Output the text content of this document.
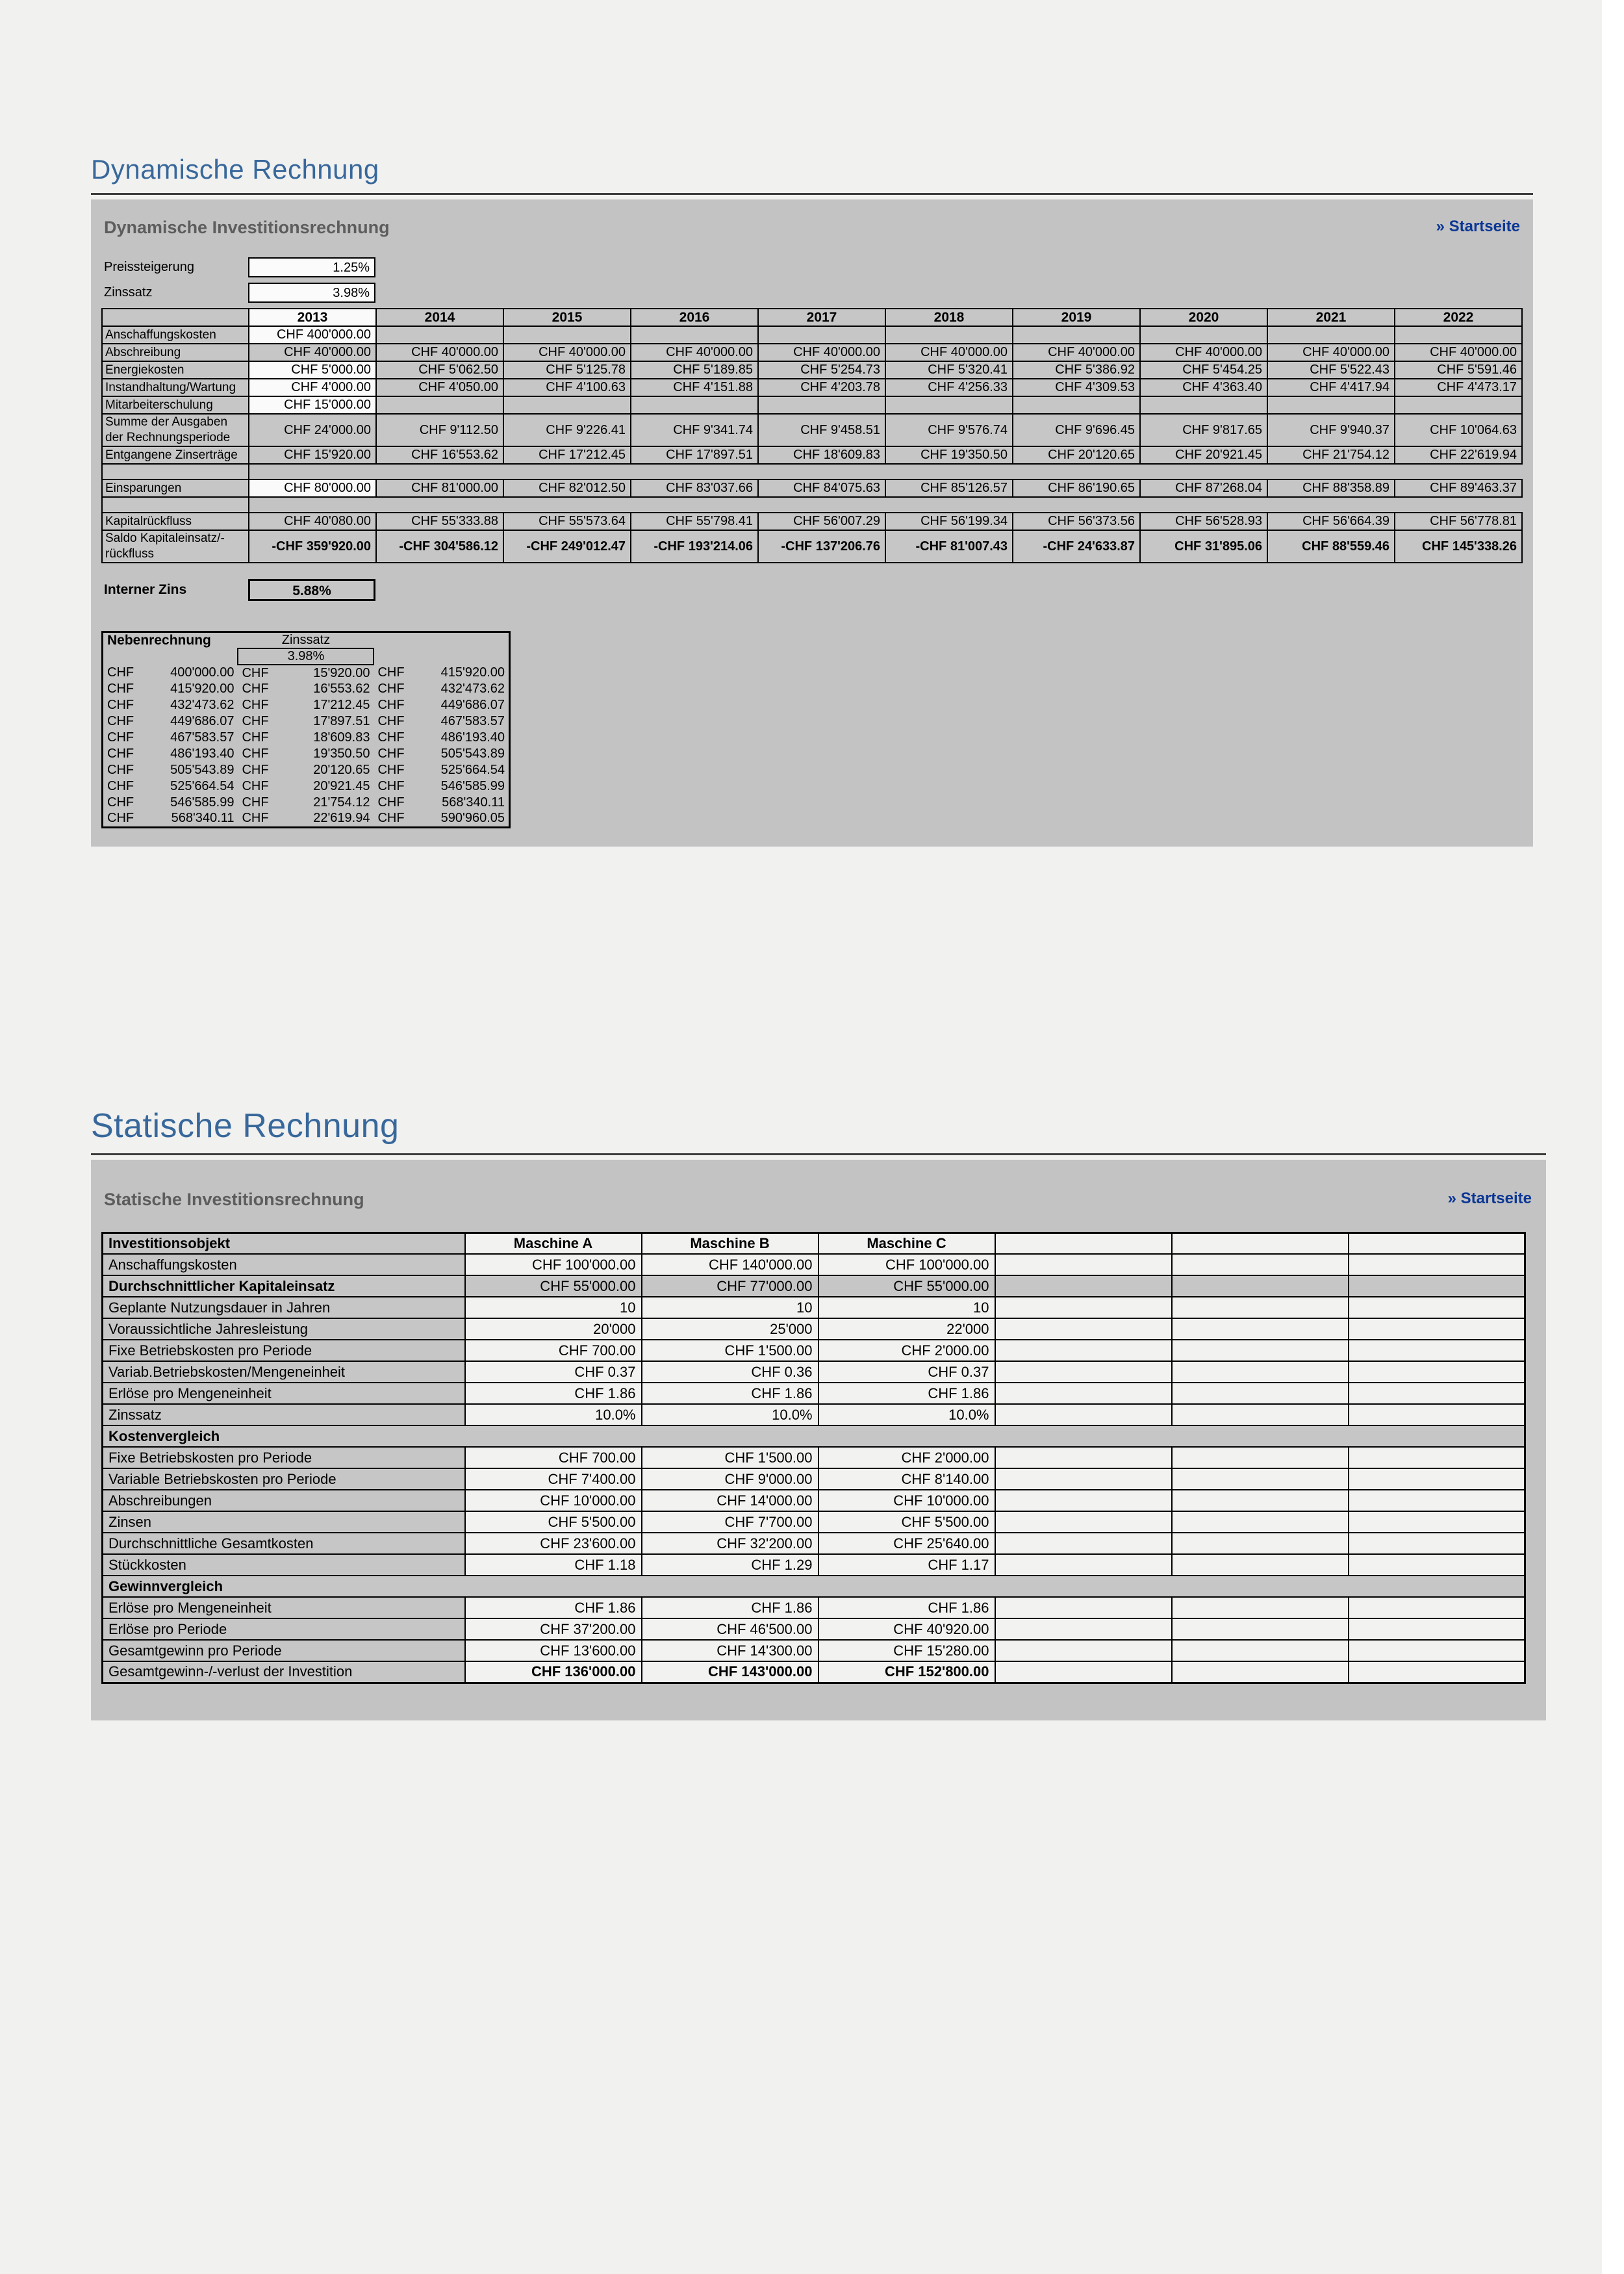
Dynamische Rechnung
Dynamische Investitionsrechnung	» Startseite
Preissteigerung	1.25%
Zinssatz	3.98%
	2013	2014	2015	2016	2017	2018	2019	2020	2021	2022
Anschaffungskosten	CHF 400'000.00									
Abschreibung	CHF 40'000.00	CHF 40'000.00	CHF 40'000.00	CHF 40'000.00	CHF 40'000.00	CHF 40'000.00	CHF 40'000.00	CHF 40'000.00	CHF 40'000.00	CHF 40'000.00
Energiekosten	CHF 5'000.00	CHF 5'062.50	CHF 5'125.78	CHF 5'189.85	CHF 5'254.73	CHF 5'320.41	CHF 5'386.92	CHF 5'454.25	CHF 5'522.43	CHF 5'591.46
Instandhaltung/Wartung	CHF 4'000.00	CHF 4'050.00	CHF 4'100.63	CHF 4'151.88	CHF 4'203.78	CHF 4'256.33	CHF 4'309.53	CHF 4'363.40	CHF 4'417.94	CHF 4'473.17
Mitarbeiterschulung	CHF 15'000.00									
Summe der Ausgaben der Rechnungsperiode	CHF 24'000.00	CHF 9'112.50	CHF 9'226.41	CHF 9'341.74	CHF 9'458.51	CHF 9'576.74	CHF 9'696.45	CHF 9'817.65	CHF 9'940.37	CHF 10'064.63
Entgangene Zinserträge	CHF 15'920.00	CHF 16'553.62	CHF 17'212.45	CHF 17'897.51	CHF 18'609.83	CHF 19'350.50	CHF 20'120.65	CHF 20'921.45	CHF 21'754.12	CHF 22'619.94

Einsparungen	CHF 80'000.00	CHF 81'000.00	CHF 82'012.50	CHF 83'037.66	CHF 84'075.63	CHF 85'126.57	CHF 86'190.65	CHF 87'268.04	CHF 88'358.89	CHF 89'463.37

Kapitalrückfluss	CHF 40'080.00	CHF 55'333.88	CHF 55'573.64	CHF 55'798.41	CHF 56'007.29	CHF 56'199.34	CHF 56'373.56	CHF 56'528.93	CHF 56'664.39	CHF 56'778.81
Saldo Kapitaleinsatz/-rückfluss	-CHF 359'920.00	-CHF 304'586.12	-CHF 249'012.47	-CHF 193'214.06	-CHF 137'206.76	-CHF 81'007.43	-CHF 24'633.87	CHF 31'895.06	CHF 88'559.46	CHF 145'338.26
Interner Zins	5.88%
Nebenrechnung		Zinssatz			
		3.98%			
CHF	400'000.00	CHF	15'920.00	CHF	415'920.00
CHF	415'920.00	CHF	16'553.62	CHF	432'473.62
CHF	432'473.62	CHF	17'212.45	CHF	449'686.07
CHF	449'686.07	CHF	17'897.51	CHF	467'583.57
CHF	467'583.57	CHF	18'609.83	CHF	486'193.40
CHF	486'193.40	CHF	19'350.50	CHF	505'543.89
CHF	505'543.89	CHF	20'120.65	CHF	525'664.54
CHF	525'664.54	CHF	20'921.45	CHF	546'585.99
CHF	546'585.99	CHF	21'754.12	CHF	568'340.11
CHF	568'340.11	CHF	22'619.94	CHF	590'960.05
Statische Rechnung
Statische Investitionsrechnung	» Startseite
Investitionsobjekt	Maschine A	Maschine B	Maschine C			
Anschaffungskosten	CHF 100'000.00	CHF 140'000.00	CHF 100'000.00			
Durchschnittlicher Kapitaleinsatz	CHF 55'000.00	CHF 77'000.00	CHF 55'000.00			
Geplante Nutzungsdauer in Jahren	10	10	10			
Voraussichtliche Jahresleistung	20'000	25'000	22'000			
Fixe Betriebskosten pro Periode	CHF 700.00	CHF 1'500.00	CHF 2'000.00			
Variab.Betriebskosten/Mengeneinheit	CHF 0.37	CHF 0.36	CHF 0.37			
Erlöse pro Mengeneinheit	CHF 1.86	CHF 1.86	CHF 1.86			
Zinssatz	10.0%	10.0%	10.0%			
Kostenvergleich						
Fixe Betriebskosten pro Periode	CHF 700.00	CHF 1'500.00	CHF 2'000.00			
Variable Betriebskosten pro Periode	CHF 7'400.00	CHF 9'000.00	CHF 8'140.00			
Abschreibungen	CHF 10'000.00	CHF 14'000.00	CHF 10'000.00			
Zinsen	CHF 5'500.00	CHF 7'700.00	CHF 5'500.00			
Durchschnittliche Gesamtkosten	CHF 23'600.00	CHF 32'200.00	CHF 25'640.00			
Stückkosten	CHF 1.18	CHF 1.29	CHF 1.17			
Gewinnvergleich						
Erlöse pro Mengeneinheit	CHF 1.86	CHF 1.86	CHF 1.86			
Erlöse pro Periode	CHF 37'200.00	CHF 46'500.00	CHF 40'920.00			
Gesamtgewinn pro Periode	CHF 13'600.00	CHF 14'300.00	CHF 15'280.00			
Gesamtgewinn-/-verlust der Investition	CHF 136'000.00	CHF 143'000.00	CHF 152'800.00			
